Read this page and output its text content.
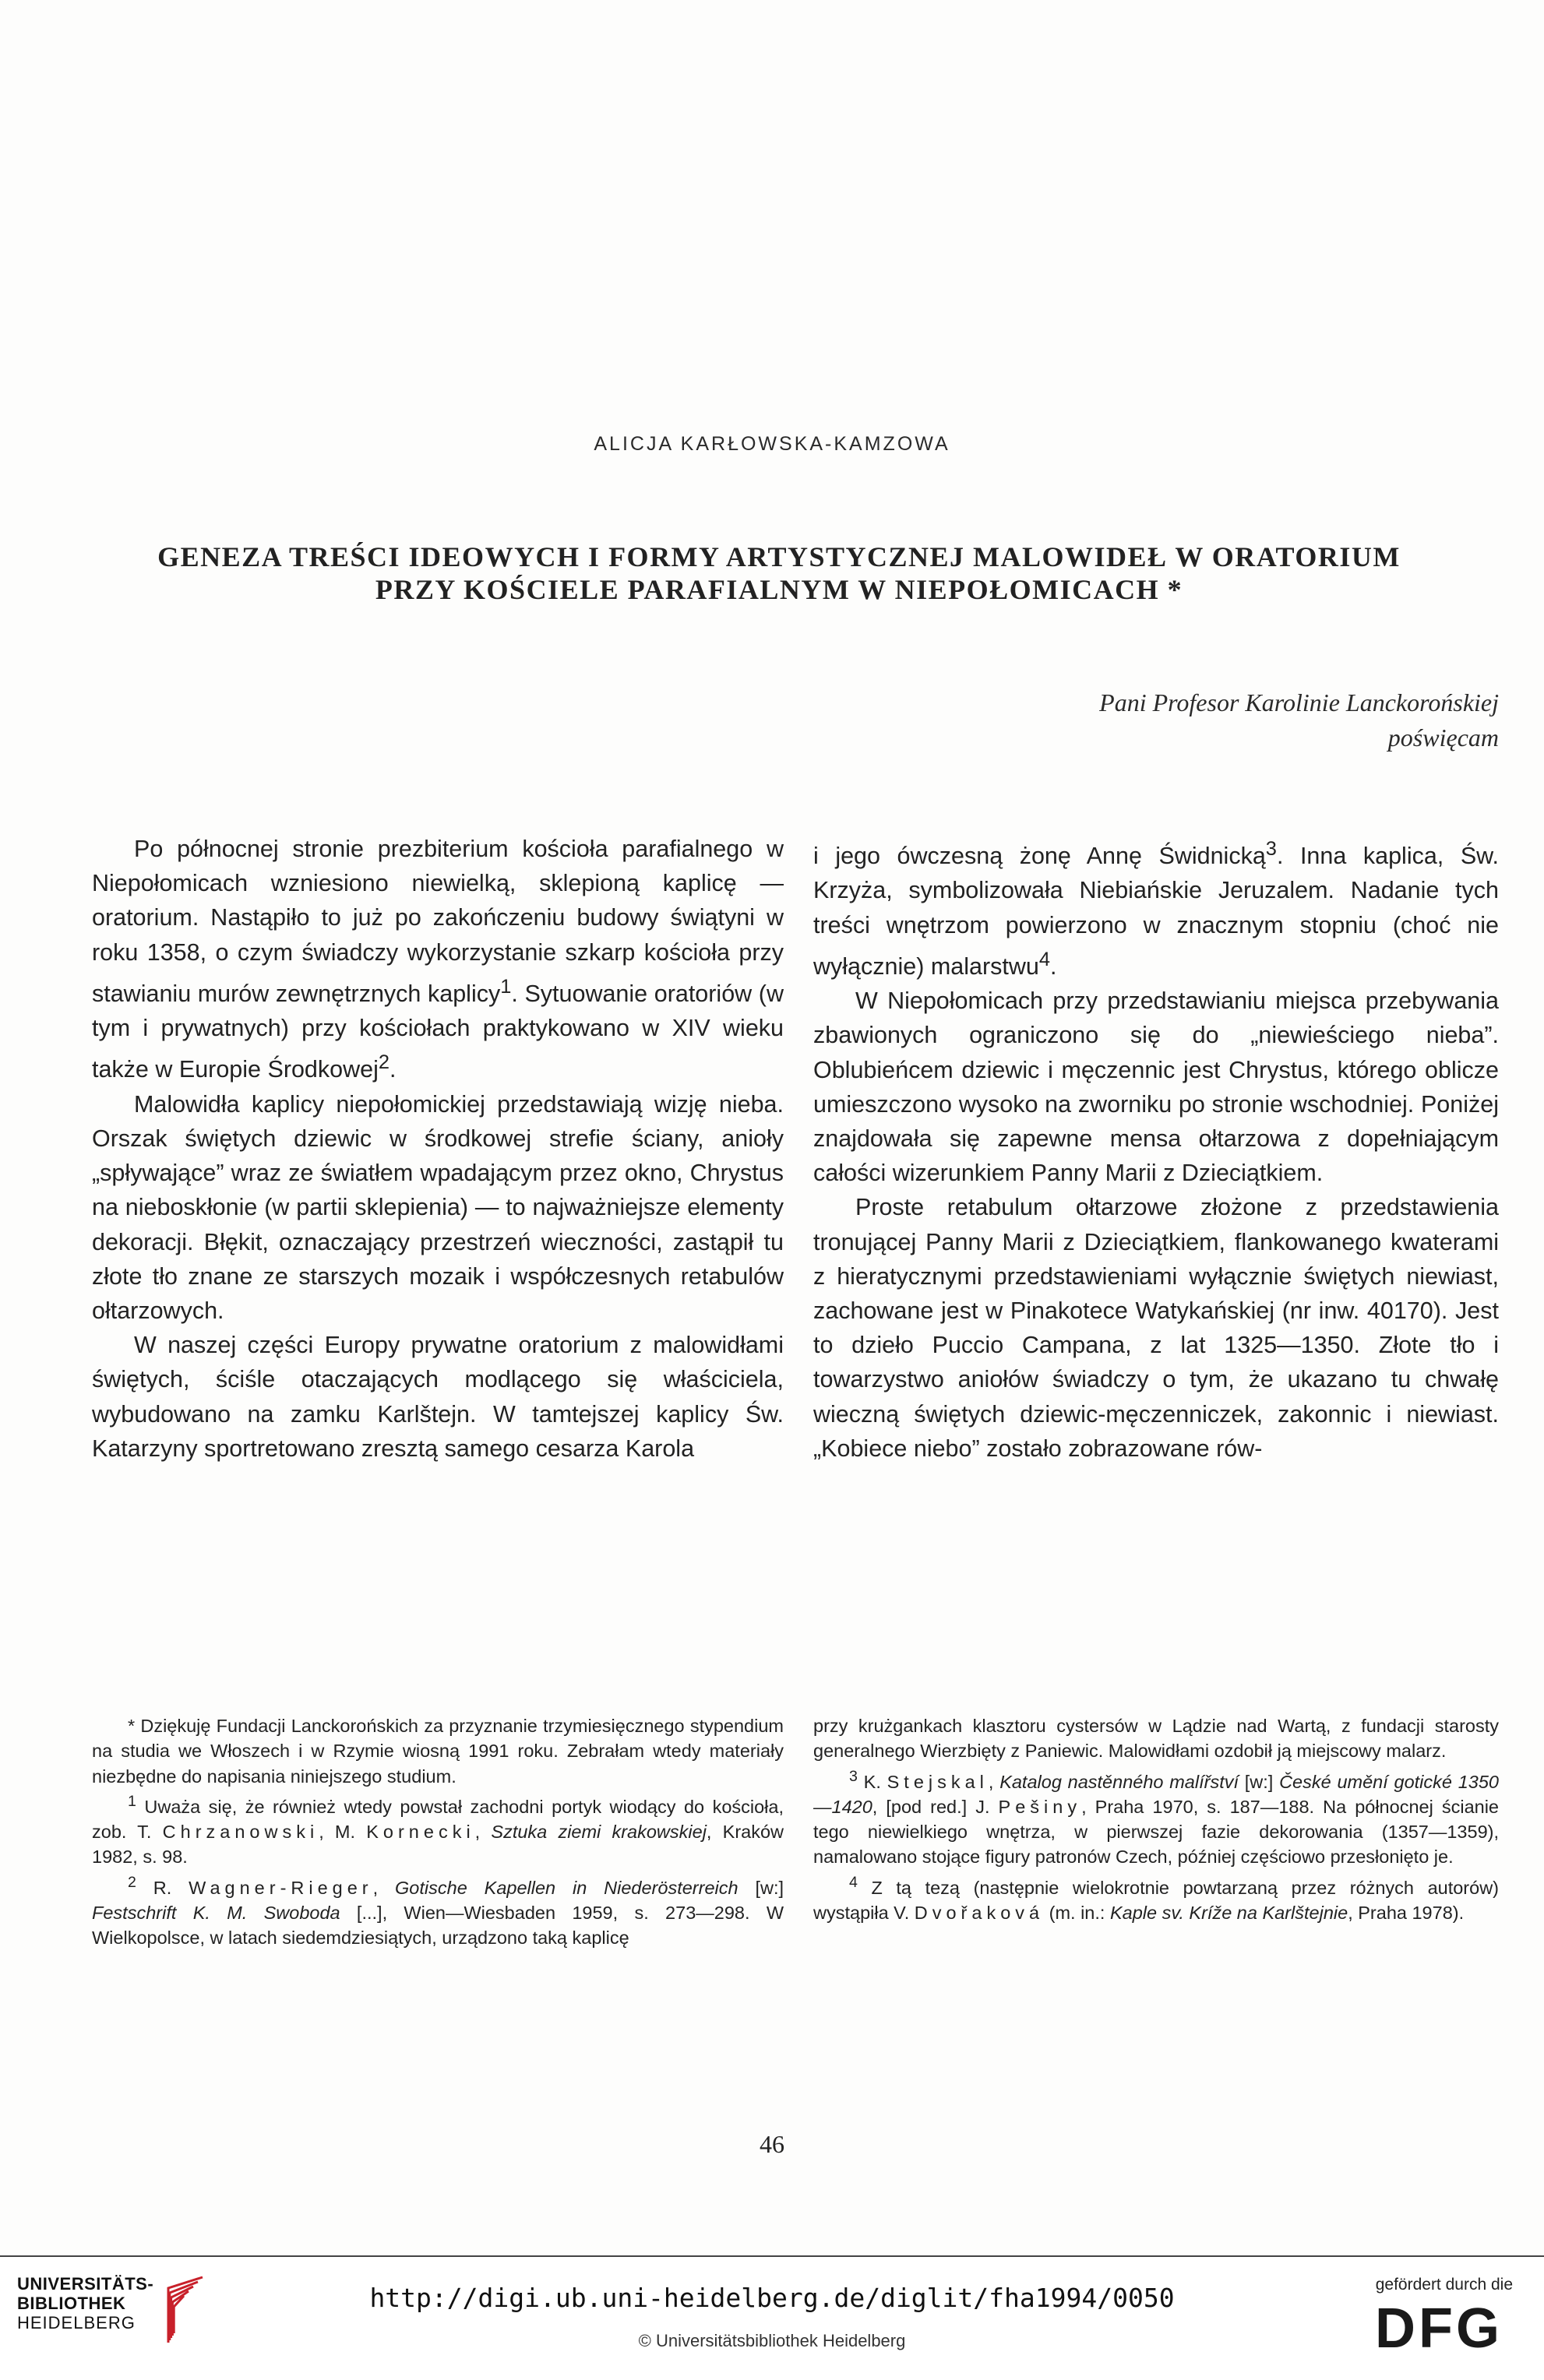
ALICJA KARŁOWSKA-KAMZOWA
GENEZA TREŚCI IDEOWYCH I FORMY ARTYSTYCZNEJ MALOWIDEŁ W ORATORIUM
PRZY KOŚCIELE PARAFIALNYM W NIEPOŁOMICACH *
Pani Profesor Karolinie Lanckorońskiej
poświęcam

Po północnej stronie prezbiterium kościoła parafialnego w Niepołomicach wzniesiono niewielką, sklepioną kaplicę — oratorium. Nastąpiło to już po zakończeniu budowy świątyni w roku 1358, o czym świadczy wykorzystanie szkarp kościoła przy stawianiu murów zewnętrznych kaplicy$^1$. Sytuowanie oratoriów (w tym i prywatnych) przy kościołach praktykowano w XIV wieku także w Europie Środkowej$^2$.

Malowidła kaplicy niepołomickiej przedstawiają wizję nieba. Orszak świętych dziewic w środkowej strefie ściany, anioły „spływające” wraz ze światłem wpadającym przez okno, Chrystus na nieboskłonie (w partii sklepienia) — to najważniejsze elementy dekoracji. Błękit, oznaczający przestrzeń wieczności, zastąpił tu złote tło znane ze starszych mozaik i współczesnych retabulów ołtarzowych.

W naszej części Europy prywatne oratorium z malowidłami świętych, ściśle otaczających modlącego się właściciela, wybudowano na zamku Karlštejn. W tamtejszej kaplicy Św. Katarzyny sportretowano zresztą samego cesarza Karola

i jego ówczesną żonę Annę Świdnicką$^3$. Inna kaplica, Św. Krzyża, symbolizowała Niebiańskie Jeruzalem. Nadanie tych treści wnętrzom powierzono w znacznym stopniu (choć nie wyłącznie) malarstwu$^4$.

W Niepołomicach przy przedstawianiu miejsca przebywania zbawionych ograniczono się do „niewieściego nieba”. Oblubieńcem dziewic i męczennic jest Chrystus, którego oblicze umieszczono wysoko na zworniku po stronie wschodniej. Poniżej znajdowała się zapewne mensa ołtarzowa z dopełniającym całości wizerunkiem Panny Marii z Dzieciątkiem.

Proste retabulum ołtarzowe złożone z przedstawienia tronującej Panny Marii z Dzieciątkiem, flankowanego kwaterami z hieratycznymi przedstawieniami wyłącznie świętych niewiast, zachowane jest w Pinakotece Watykańskiej (nr inw. 40170). Jest to dzieło Puccio Campana, z lat 1325—1350. Złote tło i towarzystwo aniołów świadczy o tym, że ukazano tu chwałę wieczną świętych dziewic-męczenniczek, zakonnic i niewiast. „Kobiece niebo” zostało zobrazowane rów-

* Dziękuję Fundacji Lanckorońskich za przyznanie trzymiesięcznego stypendium na studia we Włoszech i w Rzymie wiosną 1991 roku. Zebrałam wtedy materiały niezbędne do napisania niniejszego studium.

$^1$ Uważa się, że również wtedy powstał zachodni portyk wiodący do kościoła, zob. T. Chrzanowski, M. Kornecki, Sztuka ziemi krakowskiej, Kraków 1982, s. 98.

$^2$ R. Wagner-Rieger, Gotische Kapellen in Niederösterreich [w:] Festschrift K. M. Swoboda [...], Wien—Wiesbaden 1959, s. 273—298. W Wielkopolsce, w latach siedemdziesiątych, urządzono taką kaplicę

przy krużgankach klasztoru cystersów w Lądzie nad Wartą, z fundacji starosty generalnego Wierzbięty z Paniewic. Malowidłami ozdobił ją miejscowy malarz.

$^3$ K. Stejskal, Katalog nastěnného malířství [w:] České umění gotické 1350—1420, [pod red.] J. Pešiny, Praha 1970, s. 187—188. Na północnej ścianie tego niewielkiego wnętrza, w pierwszej fazie dekorowania (1357—1359), namalowano stojące figury patronów Czech, później częściowo przesłonięto je.

$^4$ Z tą tezą (następnie wielokrotnie powtarzaną przez różnych autorów) wystąpiła V. Dvořaková (m. in.: Kaple sv. Kríže na Karlštejnie, Praha 1978).

46
UNIVERSITÄTS-
BIBLIOTHEK
HEIDELBERG
http://digi.ub.uni-heidelberg.de/diglit/fha1994/0050
© Universitätsbibliothek Heidelberg
gefördert durch die
DFG
